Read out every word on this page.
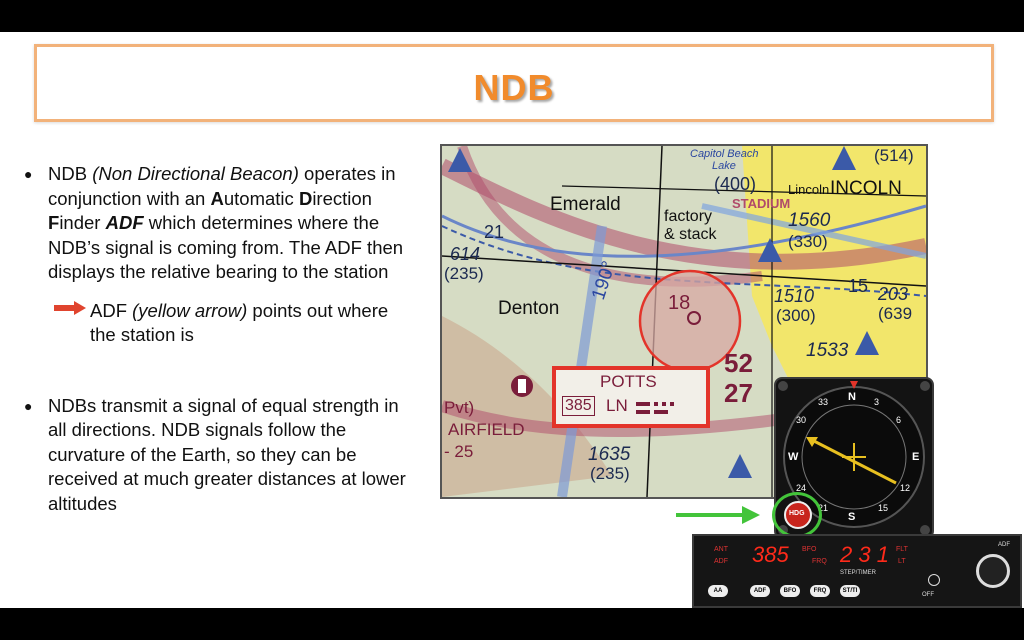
NDB
● NDB (Non Directional Beacon) operates in conjunction with an Automatic Direction Finder ADF which determines where the NDB’s signal is coming from. The ADF then displays the relative bearing to the station
ADF (yellow arrow) points out where the station is
● NDBs transmit a signal of equal strength in all directions. NDB signals follow the curvature of the Earth, so they can be received at much greater distances at lower altitudes
Capitol Beach
Lake
(400) Lincoln INCOLN
(514)
STADIUM
Emerald
factory
& stack
1560
(330)
614
(235)
21
Denton
190°
18	1510
(300)
15 203
(639
1533
52
27
POTTS
385 LN
Pvt)
AIRFIELD
- 25	1635
(235)
N 3
6
E
12
15
S
21
24
W
30
33
HDG
ANT
ADF 385 BFO
FRQ 2 3 1 FLT
LT
STEP/TIMER
ADF
OFF
AA	ADF	BFO	FRQ	ST/TI
